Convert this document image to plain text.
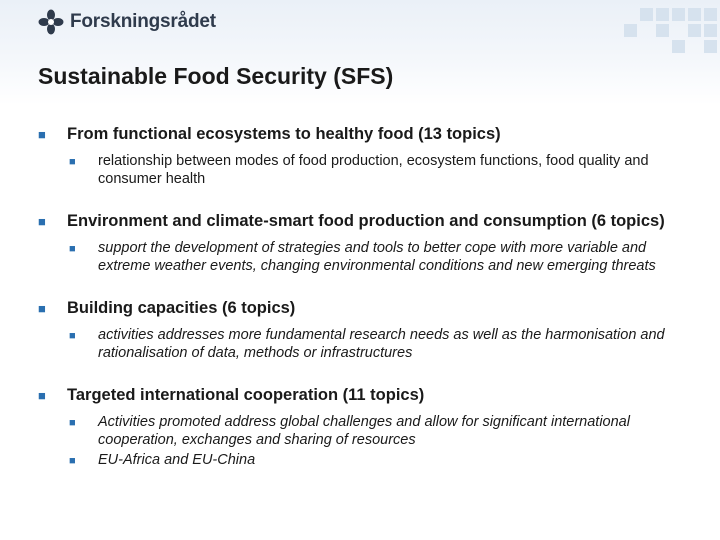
Forskningsrådet
Sustainable Food Security (SFS)
■ From functional ecosystems to healthy food (13 topics)
■ relationship between modes of food production, ecosystem functions, food quality and consumer health
■ Environment and climate-smart food production and consumption (6 topics)
■ support the development of strategies and tools to better cope with more variable and extreme weather events, changing environmental conditions and new emerging threats
■ Building capacities (6 topics)
■ activities addresses more fundamental research needs as well as the harmonisation and rationalisation of data, methods or infrastructures
■ Targeted international cooperation (11 topics)
■ Activities promoted address global challenges and allow for significant international cooperation, exchanges and sharing of resources
■ EU-Africa and EU-China
